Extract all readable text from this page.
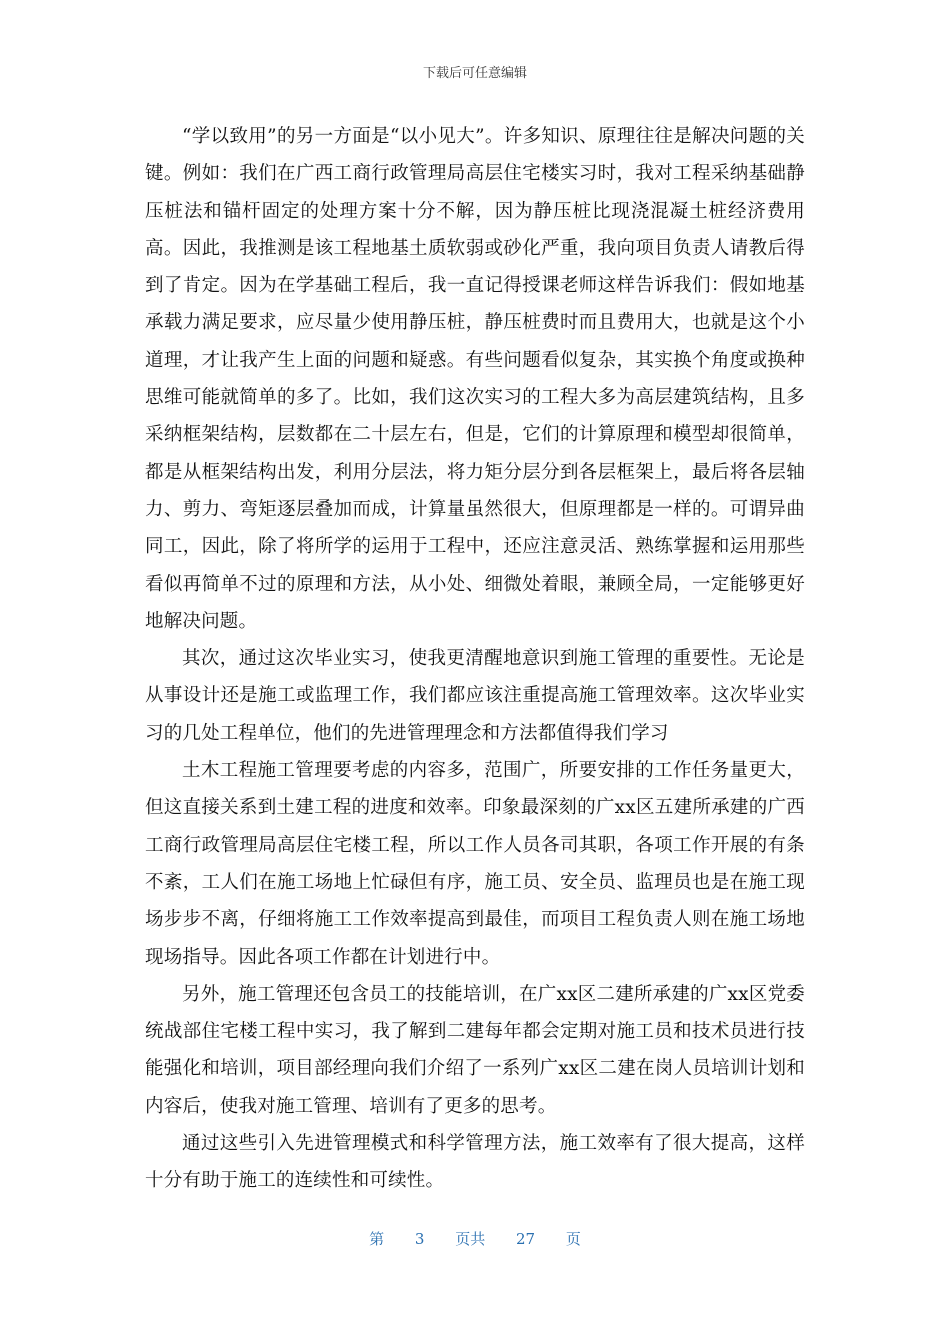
下载后可任意编辑

“学以致用”的另一方面是“以小见大”。许多知识、原理往往是解决问题的关键。例如：我们在广西工商行政管理局高层住宅楼实习时，我对工程采纳基础静压桩法和锚杆固定的处理方案十分不解，因为静压桩比现浇混凝土桩经济费用高。因此，我推测是该工程地基土质软弱或砂化严重，我向项目负责人请教后得到了肯定。因为在学基础工程后，我一直记得授课老师这样告诉我们：假如地基承载力满足要求，应尽量少使用静压桩，静压桩费时而且费用大，也就是这个小道理，才让我产生上面的问题和疑惑。有些问题看似复杂，其实换个角度或换种思维可能就简单的多了。比如，我们这次实习的工程大多为高层建筑结构，且多采纳框架结构，层数都在二十层左右，但是，它们的计算原理和模型却很简单，都是从框架结构出发，利用分层法，将力矩分层分到各层框架上，最后将各层轴力、剪力、弯矩逐层叠加而成，计算量虽然很大，但原理都是一样的。可谓异曲同工，因此，除了将所学的运用于工程中，还应注意灵活、熟练掌握和运用那些看似再简单不过的原理和方法，从小处、细微处着眼，兼顾全局，一定能够更好地解决问题。

其次，通过这次毕业实习，使我更清醒地意识到施工管理的重要性。无论是从事设计还是施工或监理工作，我们都应该注重提高施工管理效率。这次毕业实习的几处工程单位，他们的先进管理理念和方法都值得我们学习

土木工程施工管理要考虑的内容多，范围广，所要安排的工作任务量更大，但这直接关系到土建工程的进度和效率。印象最深刻的广xx区五建所承建的广西工商行政管理局高层住宅楼工程，所以工作人员各司其职，各项工作开展的有条不紊，工人们在施工场地上忙碌但有序，施工员、安全员、监理员也是在施工现场步步不离，仔细将施工工作效率提高到最佳，而项目工程负责人则在施工场地现场指导。因此各项工作都在计划进行中。

另外，施工管理还包含员工的技能培训，在广xx区二建所承建的广xx区党委统战部住宅楼工程中实习，我了解到二建每年都会定期对施工员和技术员进行技能强化和培训，项目部经理向我们介绍了一系列广xx区二建在岗人员培训计划和内容后，使我对施工管理、培训有了更多的思考。

通过这些引入先进管理模式和科学管理方法，施工效率有了很大提高，这样十分有助于施工的连续性和可续性。

第 3 页共 27 页
